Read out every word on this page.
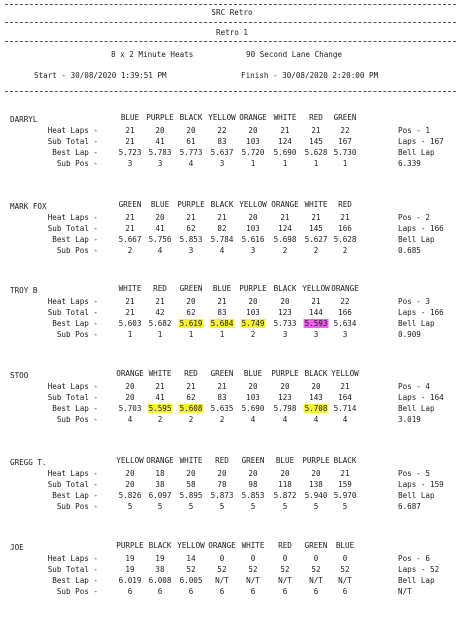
SRC Retro
Retro 1
8 x 2 Minute Heats	90 Second Lane Change
Start - 30/08/2020 1:39:51 PM	Finish - 30/08/2020 2:20:00 PM
DARRYL	BLUE PURPLE BLACK YELLOW ORANGE WHITE RED GREEN
Heat Laps -	21	20	20	22	20	21	21	22	Pos - 1
Sub Total -	21	41	61	83	103 124 145 167	Laps - 167
Best Lap -	5.723 5.783 5.773 5.637 5.720 5.690 5.628 5.730	Bell Lap
Sub Pos -	3	3	4	3	1	1	1	1	6.339
MARK FOX	GREEN BLUE PURPLE BLACK YELLOW ORANGE WHITE RED
Heat Laps -	21	20	21	21	20	21	21	21	Pos - 2
Sub Total -	21	41	62	82	103 124 145 166	Laps - 166
Best Lap -	5.667 5.756 5.853 5.784 5.616 5.698 5.627 5.628	Bell Lap
Sub Pos -	2	4	3	4	3	2	2	2	0.685
TROY B	WHITE RED GREEN BLUE PURPLE BLACK YELLOW ORANGE
Heat Laps -	21	21	20	21	20	20	21	22	Pos - 3
Sub Total -	21	42	62	83	103 123 144 166	Laps - 166
Best Lap -	5.603 5.682 5.619 5.684 5.749 5.733 5.593 5.634	Bell Lap
Sub Pos -	1	1	1	1	2	3	3	3	0.909
STOO	ORANGE WHITE RED GREEN BLUE PURPLE BLACK YELLOW
Heat Laps -	20	21	21	21	20	20	20	21	Pos - 4
Sub Total -	20	41	62	83	103 123 143 164	Laps - 164
Best Lap -	5.703 5.595 5.608 5.635 5.690 5.798 5.708 5.714	Bell Lap
Sub Pos -	4	2	2	2	4	4	4	4	3.019
GREGG T.	YELLOW ORANGE WHITE RED GREEN BLUE PURPLE BLACK
Heat Laps -	20	18	20	20	20	20	20	21	Pos - 5
Sub Total -	20	38	58	78	98	118 138 159	Laps - 159
Best Lap -	5.826 6.097 5.895 5.873 5.853 5.872 5.940 5.970	Bell Lap
Sub Pos -	5	5	5	5	5	5	5	5	6.687
JOE	PURPLE BLACK YELLOW ORANGE WHITE RED GREEN BLUE
Heat Laps -	19	19	14	0	0	0	0	0	Pos - 6
Sub Total -	19	38	52	52	52	52	52	52	Laps - 52
Best Lap -	6.019 6.008 6.005 N/T N/T N/T N/T N/T	Bell Lap
Sub Pos -	6	6	6	6	6	6	6	6	N/T
